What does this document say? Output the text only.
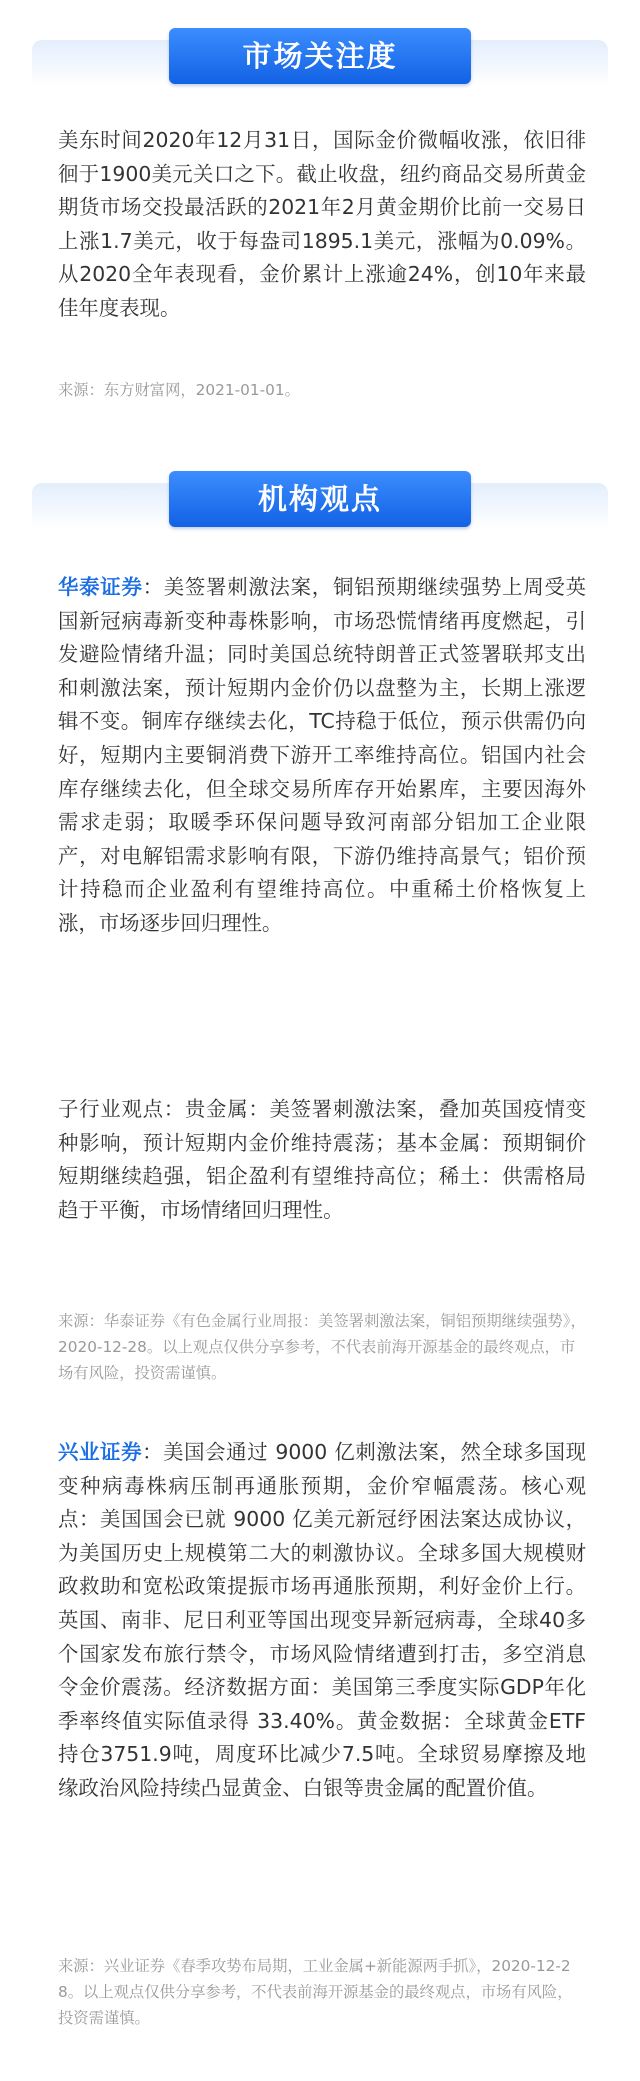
市场关注度

美东时间2020年12月31日，国际金价微幅收涨，依旧徘徊于1900美元关口之下。截止收盘，纽约商品交易所黄金期货市场交投最活跃的2021年2月黄金期价比前一交易日上涨1.7美元，收于每盎司1895.1美元，涨幅为0.09%。从2020全年表现看，金价累计上涨逾24%，创10年来最佳年度表现。

来源：东方财富网，2021-01-01。

机构观点

华泰证券：美签署刺激法案，铜铝预期继续强势上周受英国新冠病毒新变种毒株影响，市场恐慌情绪再度燃起，引发避险情绪升温；同时美国总统特朗普正式签署联邦支出和刺激法案，预计短期内金价仍以盘整为主，长期上涨逻辑不变。铜库存继续去化，TC持稳于低位，预示供需仍向好，短期内主要铜消费下游开工率维持高位。铝国内社会库存继续去化，但全球交易所库存开始累库，主要因海外需求走弱；取暖季环保问题导致河南部分铝加工企业限产，对电解铝需求影响有限，下游仍维持高景气；铝价预计持稳而企业盈利有望维持高位。中重稀土价格恢复上涨，市场逐步回归理性。

子行业观点：贵金属：美签署刺激法案，叠加英国疫情变种影响，预计短期内金价维持震荡；基本金属：预期铜价短期继续趋强，铝企盈利有望维持高位；稀土：供需格局趋于平衡，市场情绪回归理性。

来源：华泰证券《有色金属行业周报：美签署刺激法案，铜铝预期继续强势》，2020-12-28。以上观点仅供分享参考，不代表前海开源基金的最终观点，市场有风险，投资需谨慎。

兴业证券：美国会通过 9000 亿刺激法案，然全球多国现变种病毒株病压制再通胀预期，金价窄幅震荡。核心观点：美国国会已就 9000 亿美元新冠纾困法案达成协议，为美国历史上规模第二大的刺激协议。全球多国大规模财政救助和宽松政策提振市场再通胀预期，利好金价上行。英国、南非、尼日利亚等国出现变异新冠病毒，全球40多个国家发布旅行禁令，市场风险情绪遭到打击，多空消息令金价震荡。经济数据方面：美国第三季度实际GDP年化季率终值实际值录得 33.40%。黄金数据：全球黄金ETF持仓3751.9吨，周度环比减少7.5吨。全球贸易摩擦及地缘政治风险持续凸显黄金、白银等贵金属的配置价值。

来源：兴业证券《春季攻势布局期，工业金属+新能源两手抓》，2020-12-28。以上观点仅供分享参考，不代表前海开源基金的最终观点，市场有风险，投资需谨慎。
